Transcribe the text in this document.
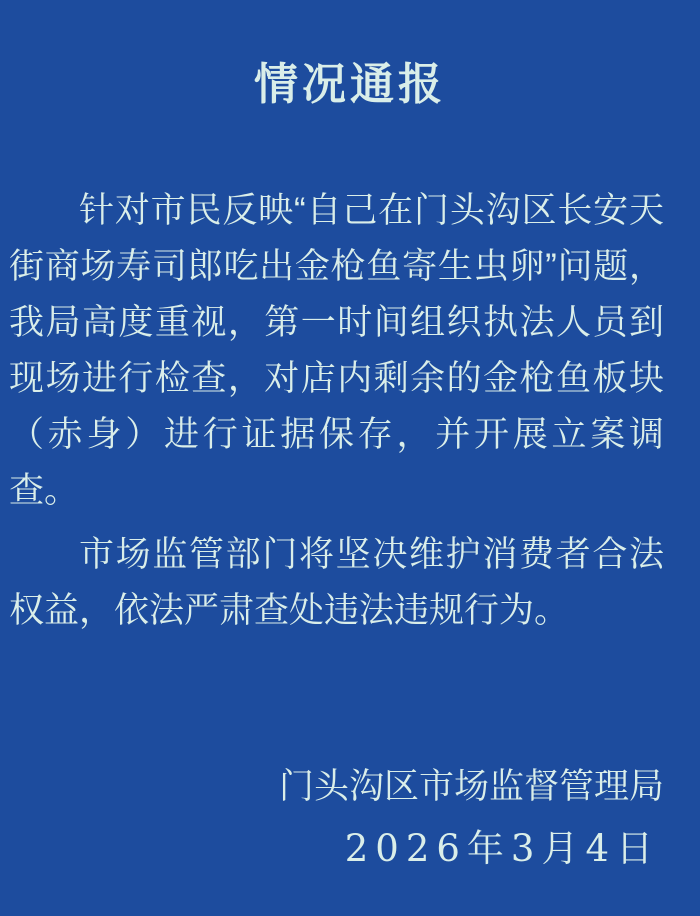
情况通报

针对市民反映“自己在门头沟区长安天街商场寿司郎吃出金枪鱼寄生虫卵”问题，我局高度重视，第一时间组织执法人员到现场进行检查，对店内剩余的金枪鱼板块（赤身）进行证据保存，并开展立案调查。

市场监管部门将坚决维护消费者合法权益，依法严肃查处违法违规行为。

门头沟区市场监督管理局
2026年3月4日
